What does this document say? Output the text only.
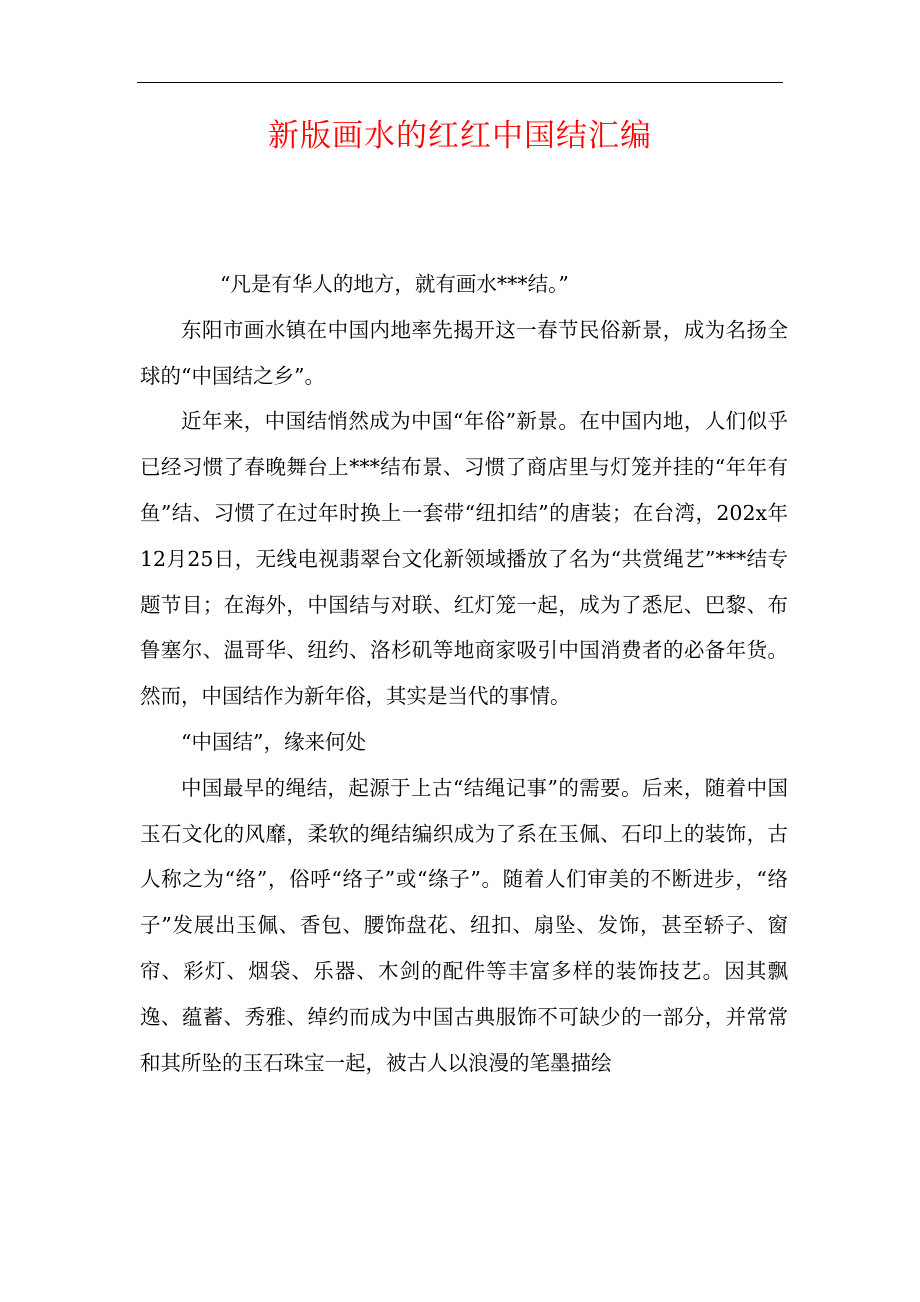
新版画水的红红中国结汇编

“凡是有华人的地方，就有画水***结。”

东阳市画水镇在中国内地率先揭开这一春节民俗新景，成为名扬全球的“中国结之乡”。

近年来，中国结悄然成为中国“年俗”新景。在中国内地，人们似乎已经习惯了春晚舞台上***结布景、习惯了商店里与灯笼并挂的“年年有鱼”结、习惯了在过年时换上一套带“纽扣结”的唐装；在台湾，202x年12月25日，无线电视翡翠台文化新领域播放了名为“共赏绳艺”***结专题节目；在海外，中国结与对联、红灯笼一起，成为了悉尼、巴黎、布鲁塞尔、温哥华、纽约、洛杉矶等地商家吸引中国消费者的必备年货。然而，中国结作为新年俗，其实是当代的事情。

“中国结”，缘来何处

中国最早的绳结，起源于上古“结绳记事”的需要。后来，随着中国玉石文化的风靡，柔软的绳结编织成为了系在玉佩、石印上的装饰，古人称之为“络”，俗呼“络子”或“绦子”。随着人们审美的不断进步，“络子”发展出玉佩、香包、腰饰盘花、纽扣、扇坠、发饰，甚至轿子、窗帘、彩灯、烟袋、乐器、木剑的配件等丰富多样的装饰技艺。因其飘逸、蕴蓄、秀雅、绰约而成为中国古典服饰不可缺少的一部分，并常常和其所坠的玉石珠宝一起，被古人以浪漫的笔墨描绘
